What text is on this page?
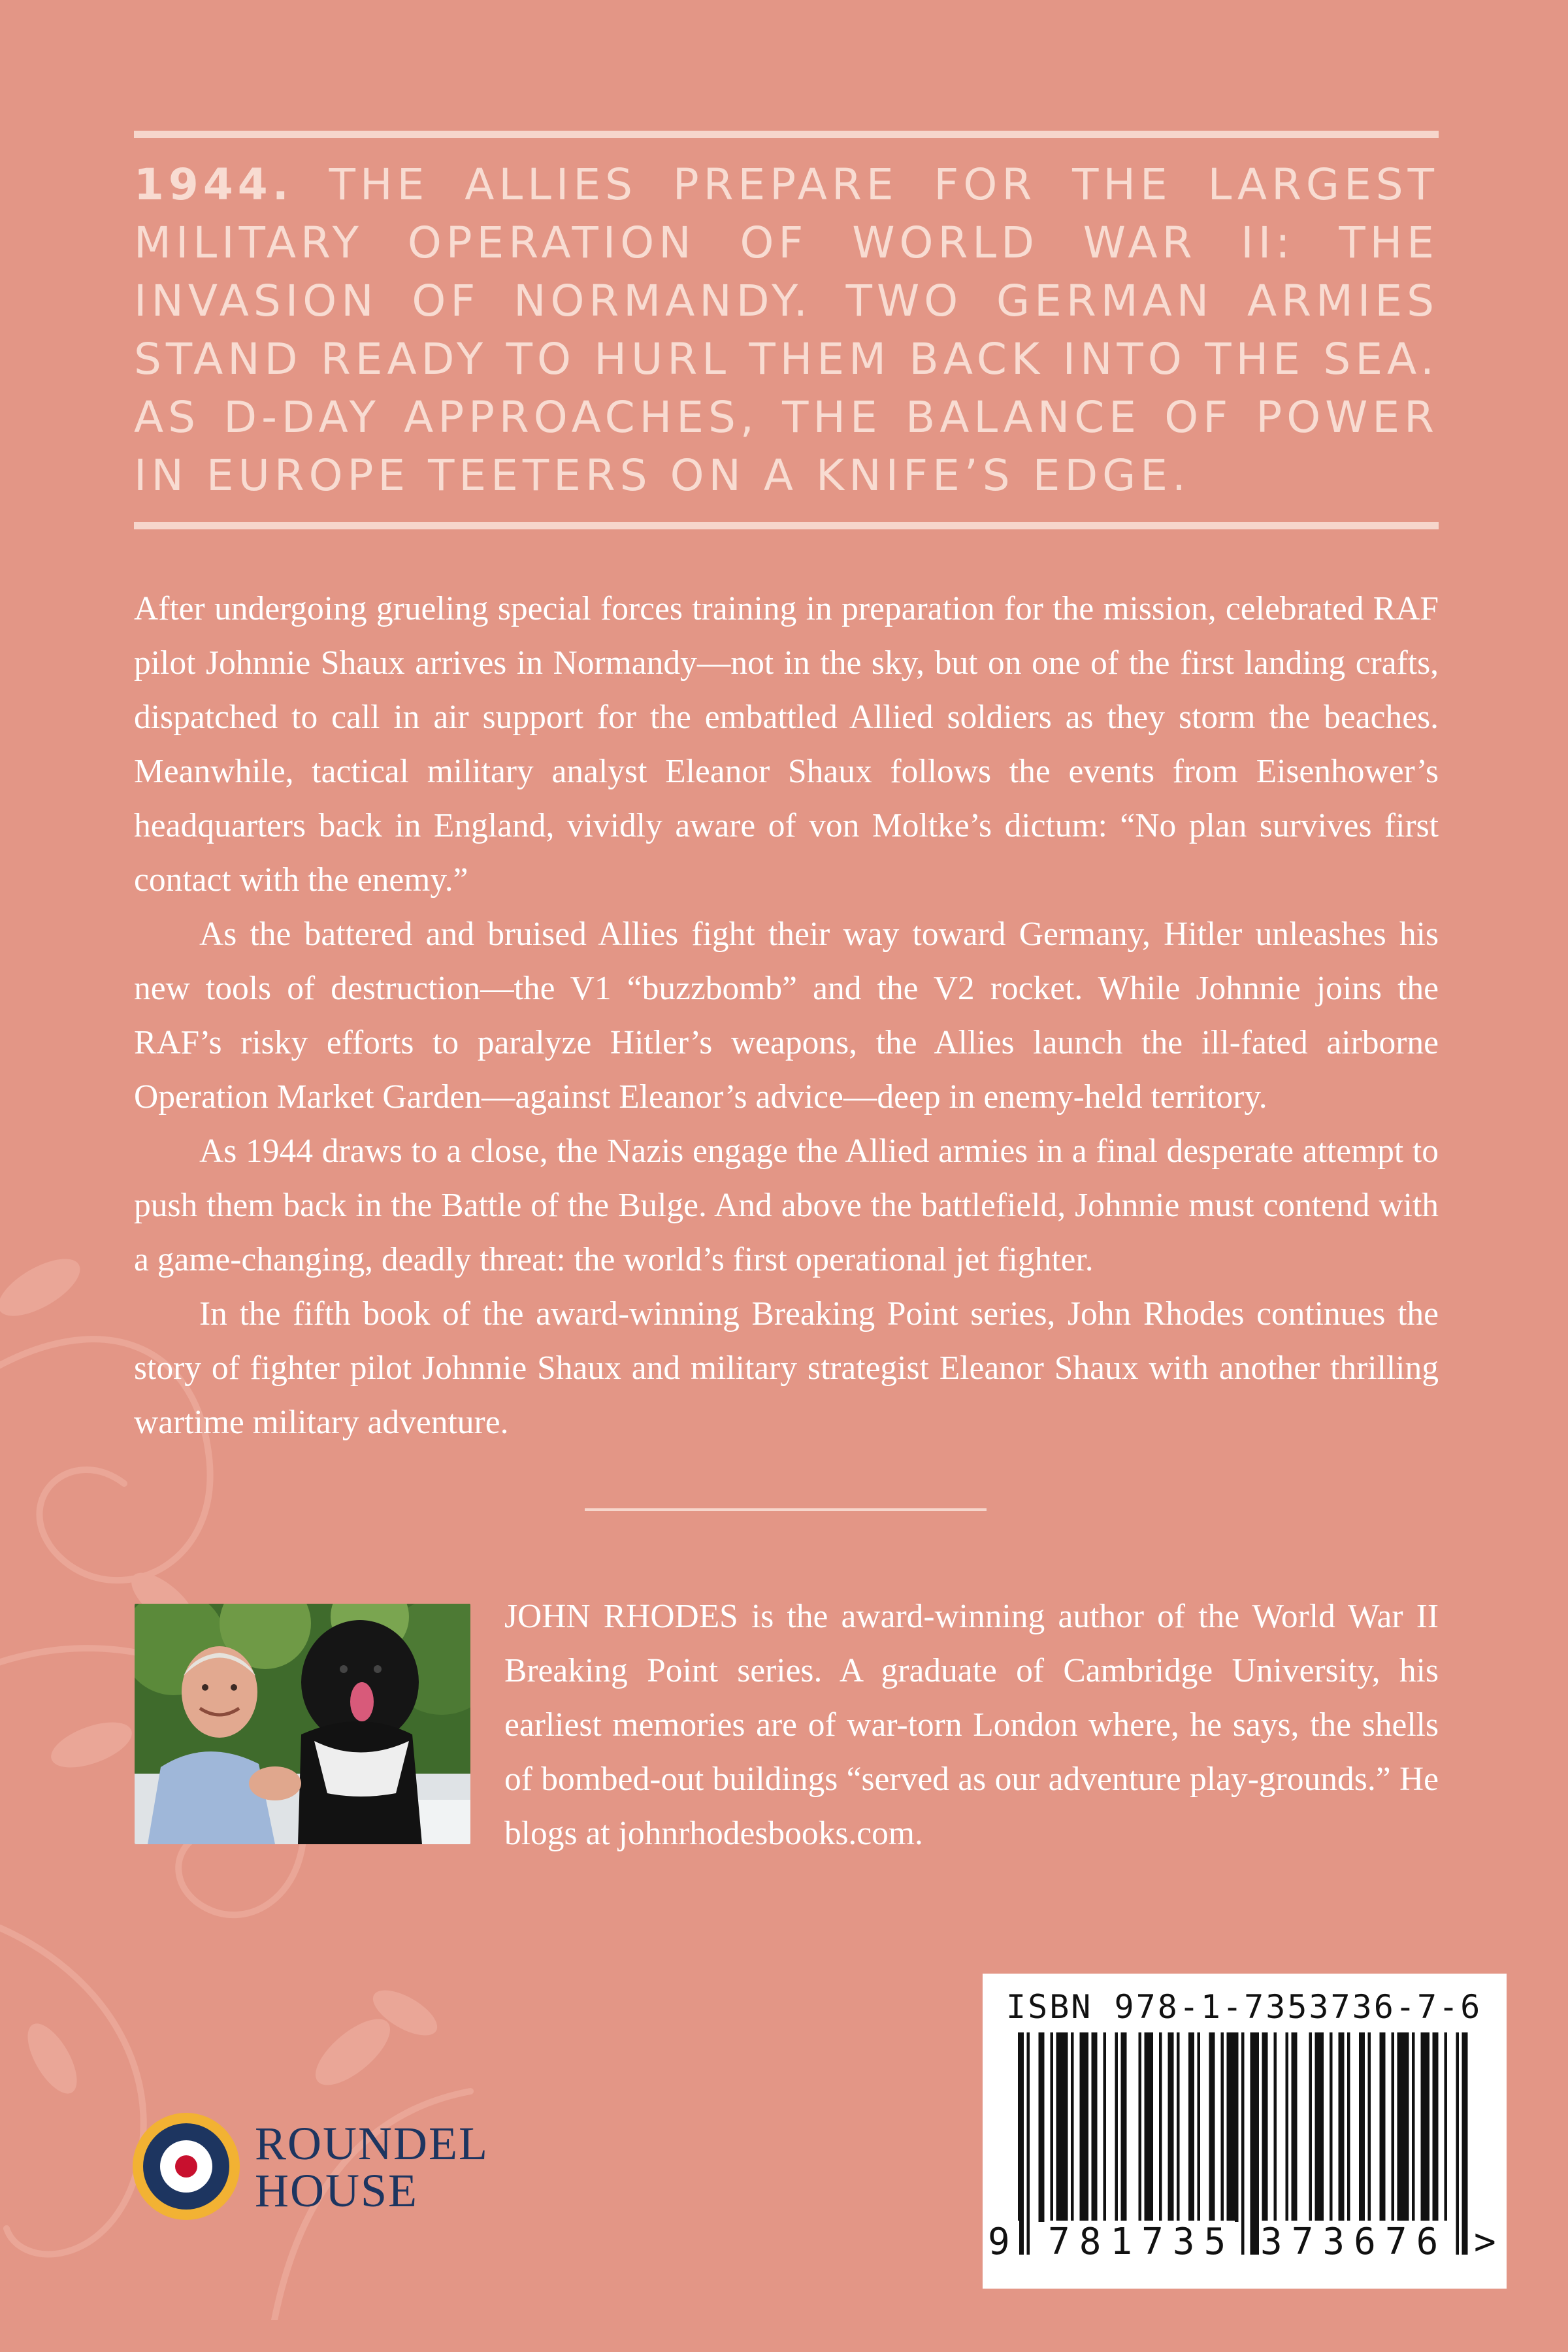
1944. THE ALLIES PREPARE FOR THE LARGEST MILITARY OPERATION OF WORLD WAR II: THE INVASION OF NORMANDY. TWO GERMAN ARMIES STAND READY TO HURL THEM BACK INTO THE SEA. AS D-DAY APPROACHES, THE BALANCE OF POWER IN EUROPE TEETERS ON A KNIFE’S EDGE.

After undergoing grueling special forces training in preparation for the mission, celebrated RAF pilot Johnnie Shaux arrives in Normandy—not in the sky, but on one of the first landing crafts, dispatched to call in air support for the embattled Allied soldiers as they storm the beaches. Meanwhile, tactical military analyst Eleanor Shaux follows the events from Eisenhower’s headquarters back in England, vividly aware of von Moltke’s dictum: “No plan survives first contact with the enemy.”

As the battered and bruised Allies fight their way toward Germany, Hitler unleashes his new tools of destruction—the V1 “buzzbomb” and the V2 rocket. While Johnnie joins the RAF’s risky efforts to paralyze Hitler’s weapons, the Allies launch the ill-fated airborne Operation Market Garden—against Eleanor’s advice—deep in enemy-held territory.

As 1944 draws to a close, the Nazis engage the Allied armies in a final desperate attempt to push them back in the Battle of the Bulge. And above the battlefield, Johnnie must contend with a game-changing, deadly threat: the world’s first operational jet fighter.

In the fifth book of the award-winning Breaking Point series, John Rhodes continues the story of fighter pilot Johnnie Shaux and military strategist Eleanor Shaux with another thrilling wartime military adventure.

JOHN RHODES is the award-winning author of the World War II Breaking Point series. A graduate of Cambridge University, his earliest memories are of war-torn London where, he says, the shells of bombed-out buildings “served as our adventure play-grounds.” He blogs at johnrhodesbooks.com.

ROUNDEL
HOUSE
ISBN 978-1-7353736-7-6
9 781735 373676 >
